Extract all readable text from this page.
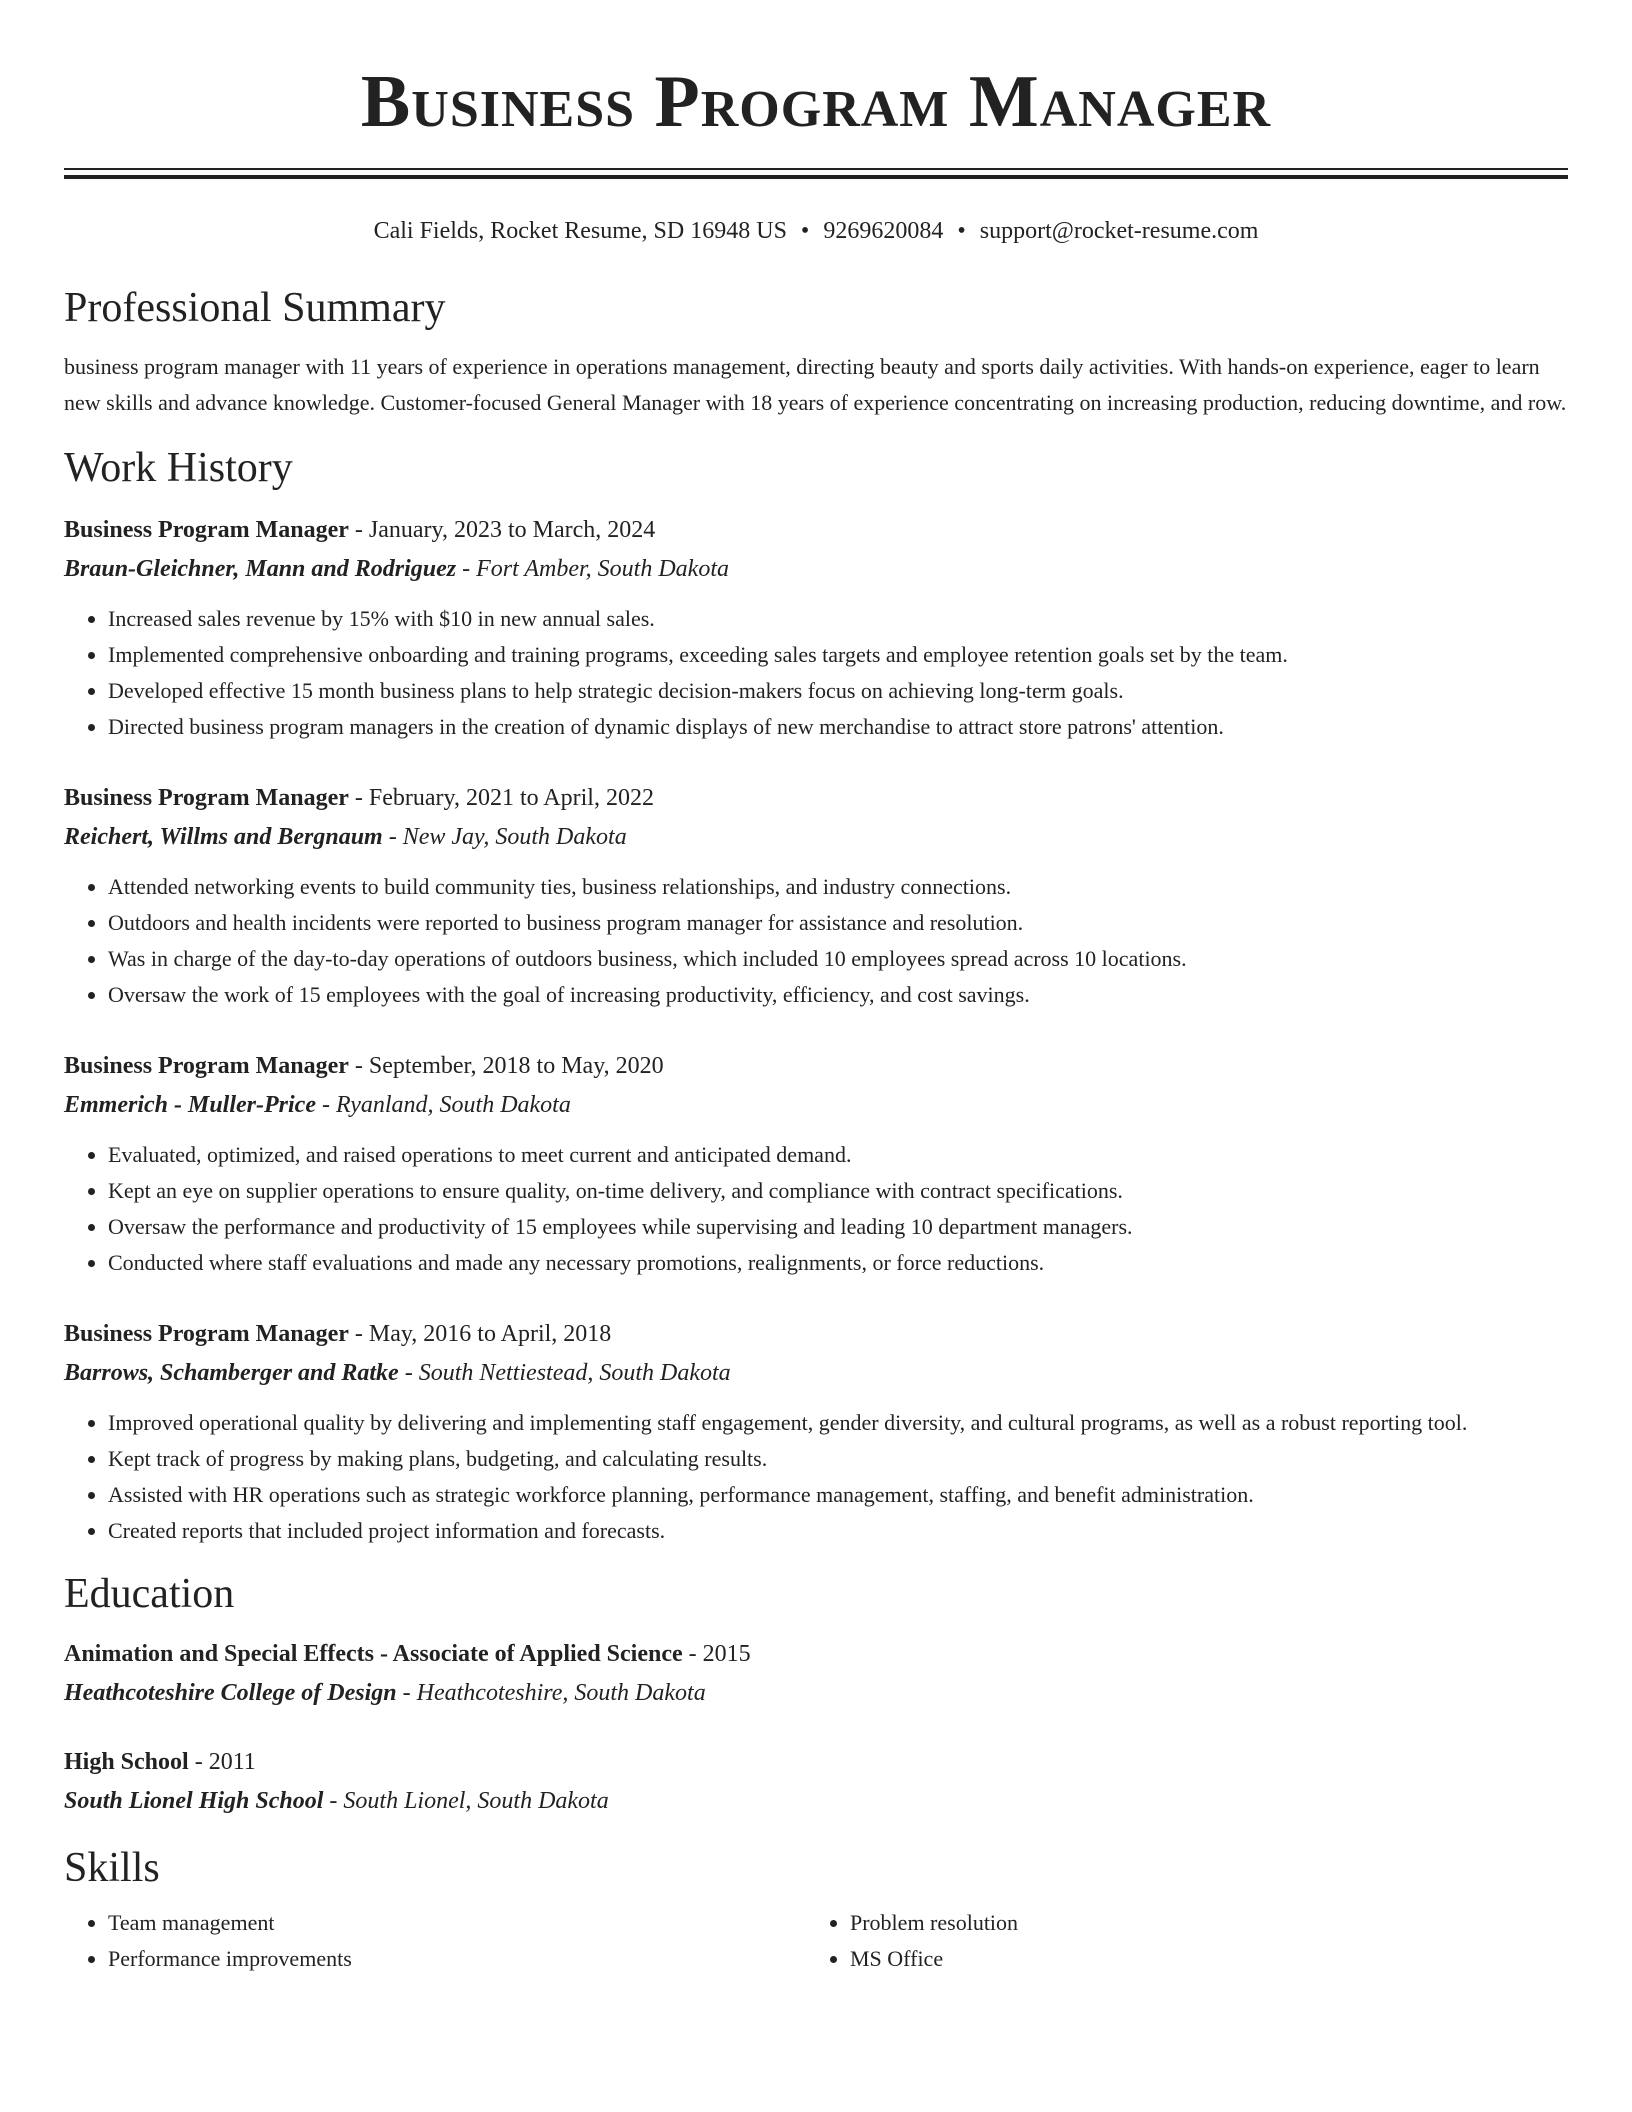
Business Program Manager
Cali Fields, Rocket Resume, SD 16948 US • 9269620084 • support@rocket-resume.com
Professional Summary
business program manager with 11 years of experience in operations management, directing beauty and sports daily activities. With hands-on experience, eager to learn new skills and advance knowledge. Customer-focused General Manager with 18 years of experience concentrating on increasing production, reducing downtime, and row.
Work History
Business Program Manager - January, 2023 to March, 2024
Braun-Gleichner, Mann and Rodriguez - Fort Amber, South Dakota
• Increased sales revenue by 15% with $10 in new annual sales.
• Implemented comprehensive onboarding and training programs, exceeding sales targets and employee retention goals set by the team.
• Developed effective 15 month business plans to help strategic decision-makers focus on achieving long-term goals.
• Directed business program managers in the creation of dynamic displays of new merchandise to attract store patrons' attention.
Business Program Manager - February, 2021 to April, 2022
Reichert, Willms and Bergnaum - New Jay, South Dakota
• Attended networking events to build community ties, business relationships, and industry connections.
• Outdoors and health incidents were reported to business program manager for assistance and resolution.
• Was in charge of the day-to-day operations of outdoors business, which included 10 employees spread across 10 locations.
• Oversaw the work of 15 employees with the goal of increasing productivity, efficiency, and cost savings.
Business Program Manager - September, 2018 to May, 2020
Emmerich - Muller-Price - Ryanland, South Dakota
• Evaluated, optimized, and raised operations to meet current and anticipated demand.
• Kept an eye on supplier operations to ensure quality, on-time delivery, and compliance with contract specifications.
• Oversaw the performance and productivity of 15 employees while supervising and leading 10 department managers.
• Conducted where staff evaluations and made any necessary promotions, realignments, or force reductions.
Business Program Manager - May, 2016 to April, 2018
Barrows, Schamberger and Ratke - South Nettiestead, South Dakota
• Improved operational quality by delivering and implementing staff engagement, gender diversity, and cultural programs, as well as a robust reporting tool.
• Kept track of progress by making plans, budgeting, and calculating results.
• Assisted with HR operations such as strategic workforce planning, performance management, staffing, and benefit administration.
• Created reports that included project information and forecasts.
Education
Animation and Special Effects - Associate of Applied Science - 2015
Heathcoteshire College of Design - Heathcoteshire, South Dakota
High School - 2011
South Lionel High School - South Lionel, South Dakota
Skills
• Team management
• Performance improvements
• Problem resolution
• MS Office
